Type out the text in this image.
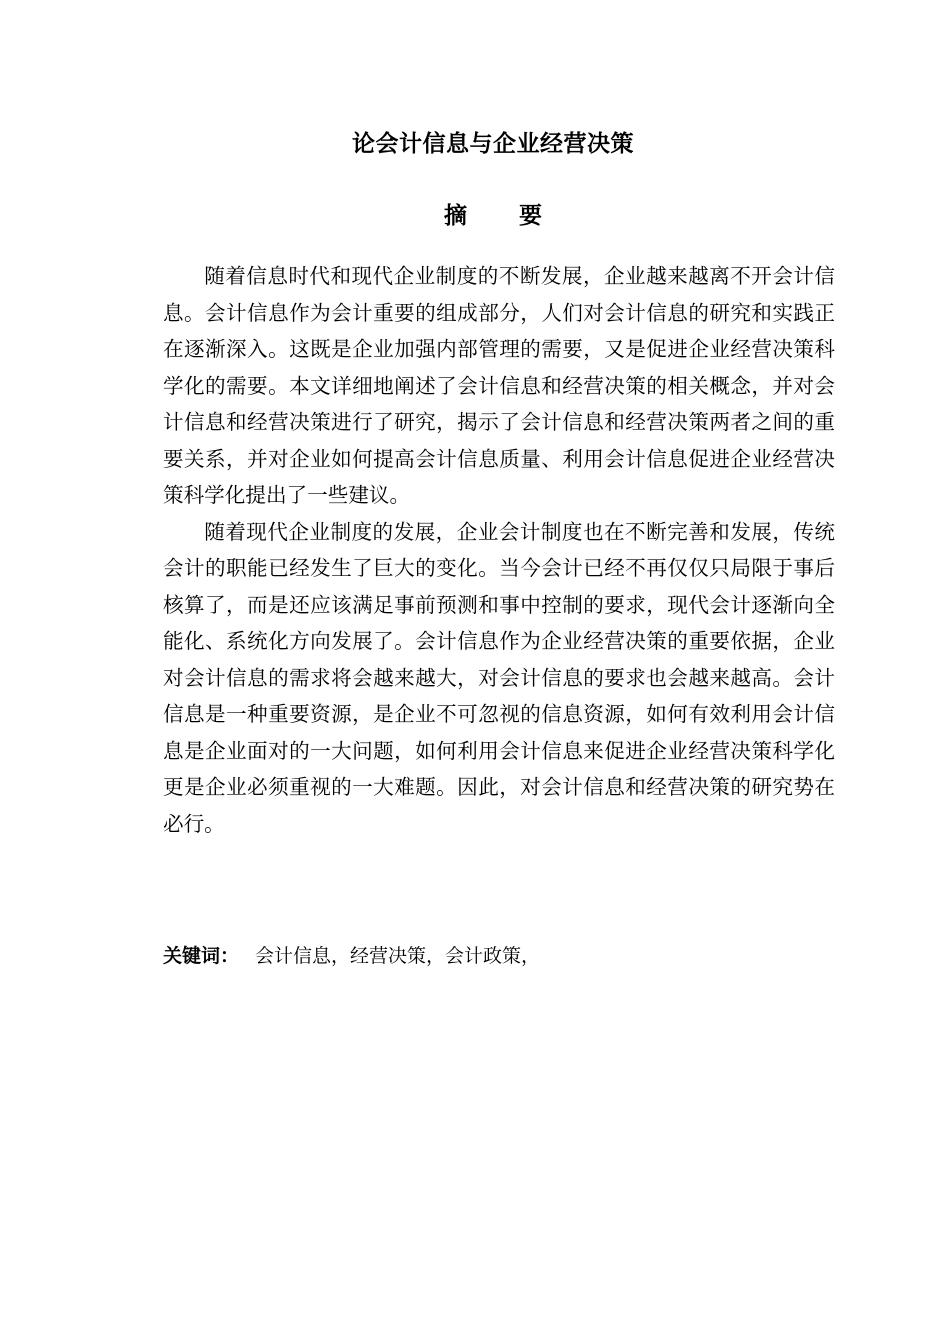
论会计信息与企业经营决策
摘 要

随着信息时代和现代企业制度的不断发展，企业越来越离不开会计信息。会计信息作为会计重要的组成部分，人们对会计信息的研究和实践正在逐渐深入。这既是企业加强内部管理的需要，又是促进企业经营决策科学化的需要。本文详细地阐述了会计信息和经营决策的相关概念，并对会计信息和经营决策进行了研究，揭示了会计信息和经营决策两者之间的重要关系，并对企业如何提高会计信息质量、利用会计信息促进企业经营决策科学化提出了一些建议。

随着现代企业制度的发展，企业会计制度也在不断完善和发展，传统会计的职能已经发生了巨大的变化。当今会计已经不再仅仅只局限于事后核算了，而是还应该满足事前预测和事中控制的要求，现代会计逐渐向全能化、系统化方向发展了。会计信息作为企业经营决策的重要依据，企业对会计信息的需求将会越来越大，对会计信息的要求也会越来越高。会计信息是一种重要资源，是企业不可忽视的信息资源，如何有效利用会计信息是企业面对的一大问题，如何利用会计信息来促进企业经营决策科学化更是企业必须重视的一大难题。因此，对会计信息和经营决策的研究势在必行。

关键词： 会计信息，经营决策，会计政策，
